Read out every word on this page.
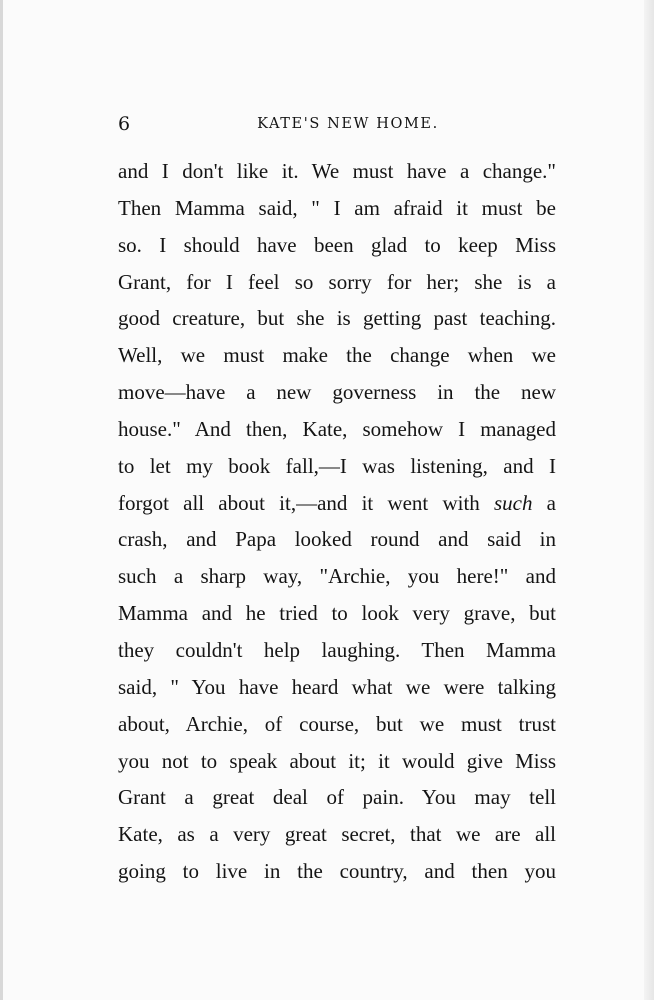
6	KATE'S NEW HOME.
and I don't like it. We must have a change."
Then Mamma said, " I am afraid it must be
so. I should have been glad to keep Miss
Grant, for I feel so sorry for her; she is a
good creature, but she is getting past teaching.
Well, we must make the change when we
move—have a new governess in the new
house." And then, Kate, somehow I managed
to let my book fall,—I was listening, and I
forgot all about it,—and it went with such a
crash, and Papa looked round and said in
such a sharp way, "Archie, you here!" and
Mamma and he tried to look very grave, but
they couldn't help laughing. Then Mamma
said, " You have heard what we were talking
about, Archie, of course, but we must trust
you not to speak about it; it would give Miss
Grant a great deal of pain. You may tell
Kate, as a very great secret, that we are all
going to live in the country, and then you
